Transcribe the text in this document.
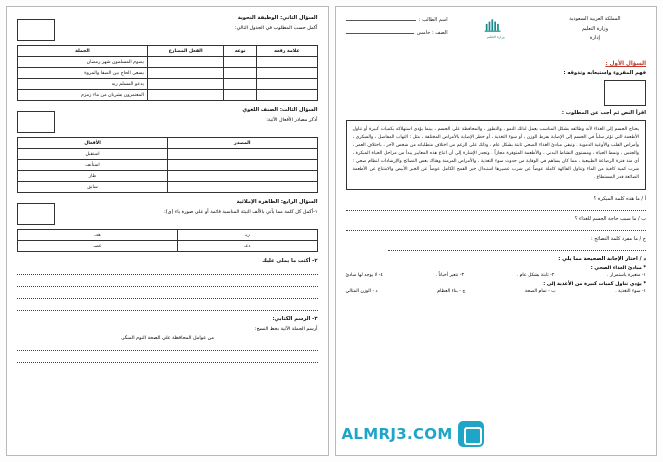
المملكة العربية السعودية
وزارة التعليم
إدارة
وزارة التعليم
اسم الطالب :
الصف : خامس
السؤال الأول :
فهم المقروء واستيعابه وتذوقه :
اقرأ النص ثم أجب عن المطلوب :

يحتاج الجسم إلى الغذاء لأنه وظائفه بشكل المناسب يعمل لذلك النمو ، والتطور ، والمحافظة على الجسم ، بينما يؤدي استهلاكه بكميات كبيرة أو تناول الأطعمة التي تؤثر سلباً في الجسم إلى الإصابة بفرط الوزن ، أو سوء التغذية ، أو خطر الإصابة بالأمراض المختلفة ، مثل : التهاب المفاصل ، والسكري ، وأمراض القلب والأوعية الدموية . وتبقى مبادئ الغذاء الصحي ثابتة بشكل عام ، وذلك على الرغم من اختلاف متطلباته من شخص لآخر ، باختلاف العمر ، والجنس ، ونمط الحياة ، ومستوى النشاط البدني ، والأطعمة المتوفرة مجازاً . وتجدر الإشارة إلى أن اتباع هذه المعايير يبدأ من مراحل الحياة المبكرة ، أي منذ فترة الرضاعة الطبيعية ، مما كان يساهم في الوقاية من حدوث سوء التغذية ، والأمراض المزمنة وهناك بعض النصائح والإرشادات لنظام صحي : شرب كمية كافية من الماء وتناول الفاكهة كاملة عوضاً عن شرب عصيرها استبدال خبز القمح الكامل عوضاً عن الخبز الأبيض والامتناع عن الأطعمة الضائعة قدر المستطاع .

أ / ما هذه كلمة المبكرة ؟
ب / ما سبب حاجة الجسم للغذاء ؟
ج / ما مفرد كلمة النصائح :
د / اختار الإجابة الصحيحة مما يلي :
* مبادئ الغذاء الصحي :
١- متغيرة باستمرار .
٢- ثابتة بشكل عام .
٣- تتغير أحياناً .
٤- لا يوجد لها مبادئ
* يؤدي تناول كميات كبيرة من الأغذية إلى :
١- سوء التغذية .
ب - تمام الصحة
ج - بناء العظام
د - الوزن المثالي
ALMRJ3.COM
السؤال الثاني: الوظيفة النحوية
أكمل حسب المطلوب في الجدول التالي:
علامة رفعه	نوعه	الفعل المضارع	الجملة
			يصوم المسلمون شهر رمضان
			يسعى الحاج بين الصفا والمروة
			يدعو المسلم ربه
			المعتمرون يشربان من ماء زمزم
السؤال الثالث: الصنف اللغوي
أذكر مصادر الأفعال الآتية:
المصدر	الأفعال
	استقبل
	استأنف
	طار
	سابق
السؤال الرابع: الظاهرة الإملائية
١-أكمل كل كلمة مما يأتي بالألف النيئة المناسبة قائمة أو على صورة ياء (ى):
ربـ	هدـ
دعـ	عصـ
٢- أكتب ما يملى عليك
٣- الرسم الكتابي:
أرسم الجملة الآتية بخط النسخ:
من عوامل المحافظة على الصحة النوم المبكر.
